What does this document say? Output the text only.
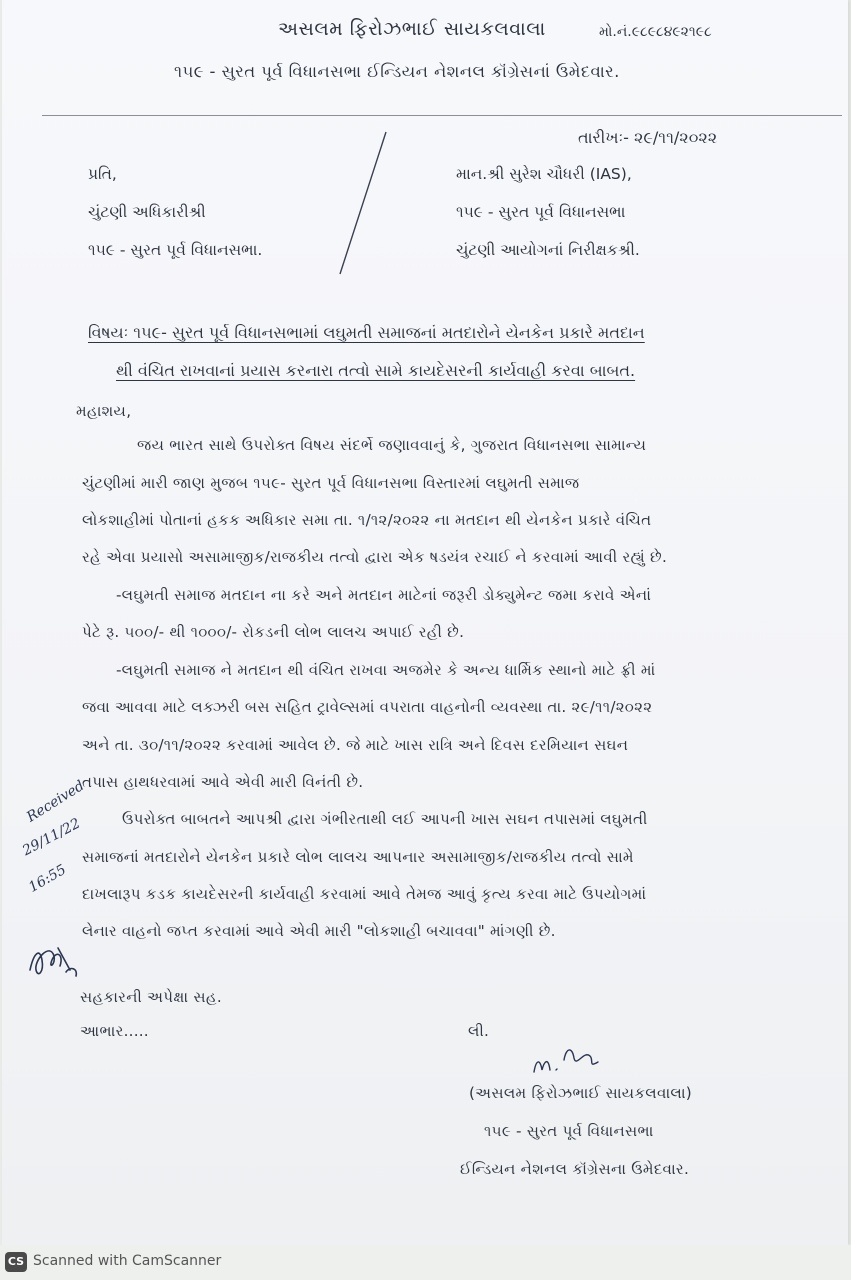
અસલમ ફિરોઝભાઈ સાયકલવાલા	મો.નં.૯૮૯૮૪૯૨૧૯૮
૧૫૯ - સુરત પૂર્વ વિધાનસભા ઈન્ડિયન નેશનલ કૉંગ્રેસનાં ઉમેદવાર.
તારીખઃ- ૨૯/૧૧/૨૦૨૨
પ્રતિ,
ચુંટણી અધિકારીશ્રી
૧૫૯ - સુરત પૂર્વ વિધાનસભા.
માન.શ્રી સુરેશ ચૌધરી (IAS),
૧૫૯ - સુરત પૂર્વ વિધાનસભા
ચુંટણી આયોગનાં નિરીક્ષકશ્રી.
વિષયઃ ૧૫૯- સુરત પૂર્વ વિધાનસભામાં લઘુમતી સમાજનાં મતદારોને યેનકેન પ્રકારે મતદાન
થી વંચિત રાખવાનાં પ્રયાસ કરનારા તત્વો સામે કાયદેસરની કાર્યવાહી કરવા બાબત.
મહાશય,
જય ભારત સાથે ઉપરોક્ત વિષય સંદર્ભે જણાવવાનું કે, ગુજરાત વિધાનસભા સામાન્ય
ચુંટણીમાં મારી જાણ મુજબ ૧૫૯- સુરત પૂર્વ વિધાનસભા વિસ્તારમાં લઘુમતી સમાજ
લોકશાહીમાં પોતાનાં હકક અધિકાર સમા તા. ૧/૧૨/૨૦૨૨ ના મતદાન થી યેનકેન પ્રકારે વંચિત
રહે એવા પ્રયાસો અસામાજીક/રાજકીય તત્વો દ્વારા એક ષડયંત્ર રચાઈ ને કરવામાં આવી રહ્યું છે.
-લઘુમતી સમાજ મતદાન ના કરે અને મતદાન માટેનાં જરૂરી ડોક્યુમેન્ટ જમા કરાવે એનાં
પેટે રૂ. ૫૦૦/- થી ૧૦૦૦/- રોકડની લોભ લાલચ અપાઈ રહી છે.
-લઘુમતી સમાજ ને મતદાન થી વંચિત રાખવા અજમેર કે અન્ય ધાર્મિક સ્થાનો માટે ફ્રી માં
જવા આવવા માટે લક્ઝરી બસ સહિત ટ્રાવેલ્સમાં વપરાતા વાહનોની વ્યવસ્થા તા. ૨૯/૧૧/૨૦૨૨
અને તા. ૩૦/૧૧/૨૦૨૨ કરવામાં આવેલ છે. જે માટે ખાસ રાત્રિ અને દિવસ દરમિયાન સઘન
તપાસ હાથધરવામાં આવે એવી મારી વિનંતી છે.
ઉપરોક્ત બાબતને આપશ્રી દ્વારા ગંભીરતાથી લઈ આપની ખાસ સઘન તપાસમાં લઘુમતી
સમાજનાં મતદારોને યેનકેન પ્રકારે લોભ લાલચ આપનાર અસામાજીક/રાજકીય તત્વો સામે
દાખલારૂપ કડક કાયદેસરની કાર્યવાહી કરવામાં આવે તેમજ આવું કૃત્ય કરવા માટે ઉપયોગમાં
લેનાર વાહનો જપ્ત કરવામાં આવે એવી મારી "લોકશાહી બચાવવા" માંગણી છે.
Received
29/11/22
16:55
સહકારની અપેક્ષા સહ.
આભાર.....	લી.
(અસલમ ફિરોઝભાઈ સાયકલવાલા)
૧૫૯ - સુરત પૂર્વ વિધાનસભા
ઈન્ડિયન નેશનલ કૉંગ્રેસના ઉમેદવાર.
CS Scanned with CamScanner
